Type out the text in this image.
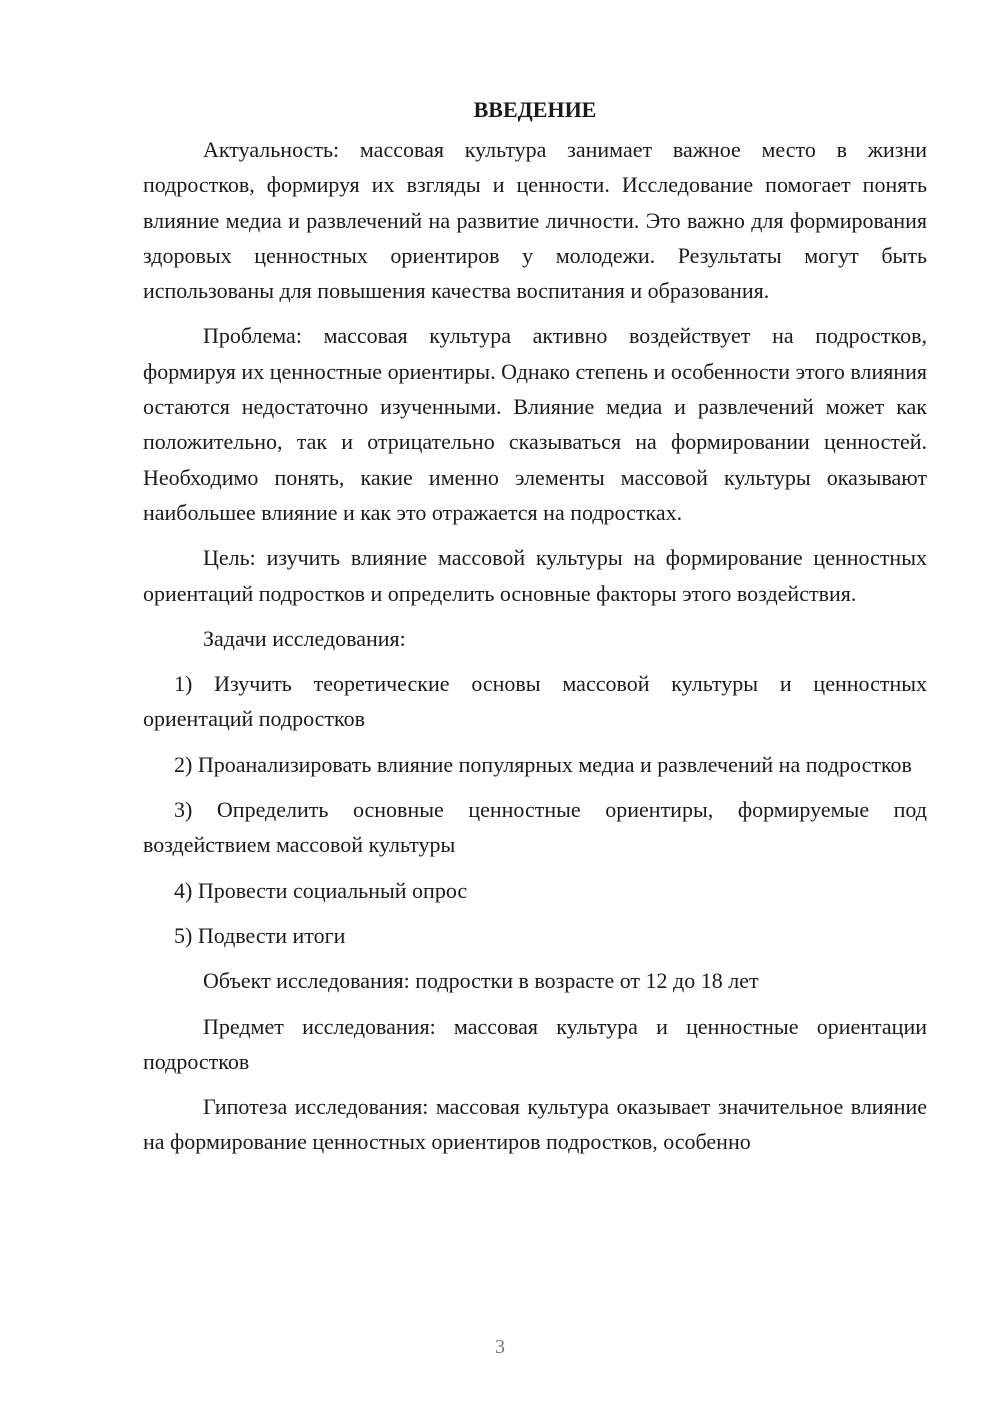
ВВЕДЕНИЕ

Актуальность: массовая культура занимает важное место в жизни подростков, формируя их взгляды и ценности. Исследование помогает понять влияние медиа и развлечений на развитие личности. Это важно для формирования здоровых ценностных ориентиров у молодежи. Результаты могут быть использованы для повышения качества воспитания и образования.

Проблема: массовая культура активно воздействует на подростков, формируя их ценностные ориентиры. Однако степень и особенности этого влияния остаются недостаточно изученными. Влияние медиа и развлечений может как положительно, так и отрицательно сказываться на формировании ценностей. Необходимо понять, какие именно элементы массовой культуры оказывают наибольшее влияние и как это отражается на подростках.

Цель: изучить влияние массовой культуры на формирование ценностных ориентаций подростков и определить основные факторы этого воздействия.

Задачи исследования:

1) Изучить теоретические основы массовой культуры и ценностных ориентаций подростков

2) Проанализировать влияние популярных медиа и развлечений на подростков

3) Определить основные ценностные ориентиры, формируемые под воздействием массовой культуры

4) Провести социальный опрос

5) Подвести итоги

Объект исследования: подростки в возрасте от 12 до 18 лет

Предмет исследования: массовая культура и ценностные ориентации подростков

Гипотеза исследования: массовая культура оказывает значительное влияние на формирование ценностных ориентиров подростков, особенно

3
